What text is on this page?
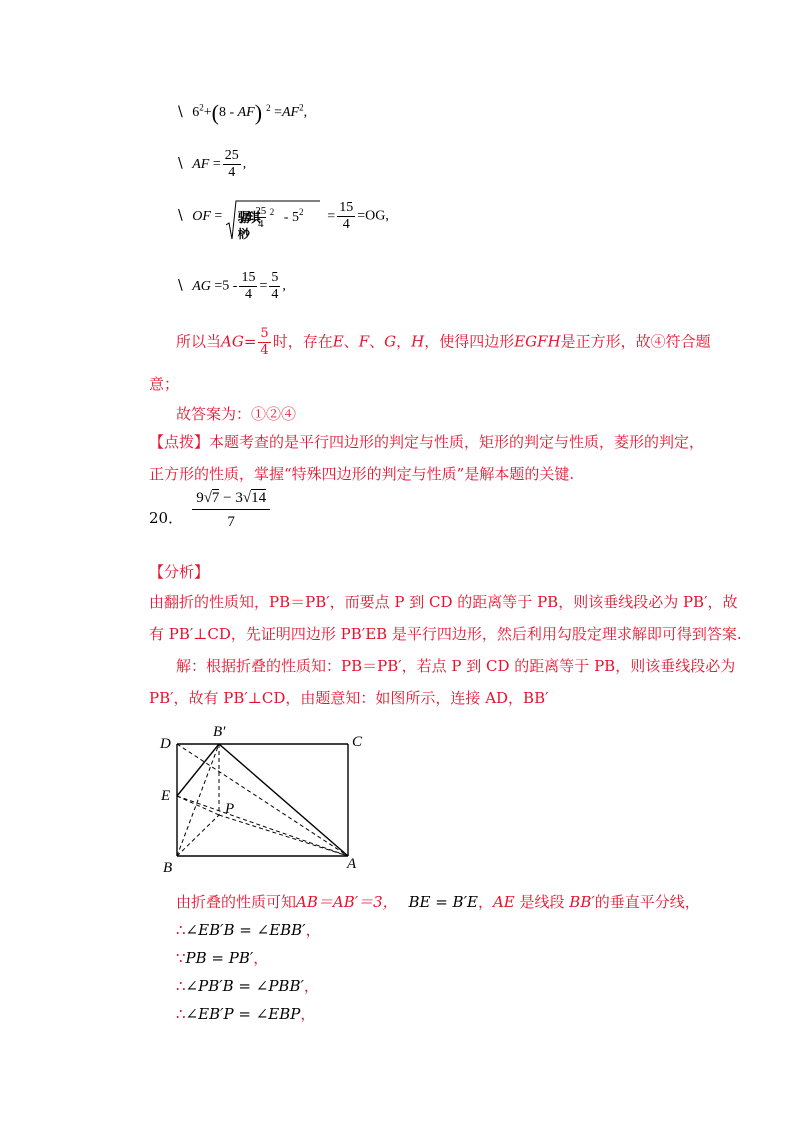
\ $6^2+(8 - AF)$ $^2 =AF^2$,
\ AF = $\frac{25}{4}$ ,
\ OF = 骣琪
$\frac{25}{4} ^2 - 5^2$
桫
= $\frac{15}{4} =OG$,
\ AG $=5 - \frac{15}{4} = \frac{5}{4}$ ,
所以当$AG= \frac{5}{4}$ 时，存在E、F、G，H，使得四边形EGFH是正方形，故④符合题
意；
故答案为：①②④
【点拨】本题考查的是平行四边形的判定与性质，矩形的判定与性质，菱形的判定，
正方形的性质，掌握“特殊四边形的判定与性质”是解本题的关键.
20． $\frac{9√7 - 3√14}{7}$
【分析】
由翻折的性质知，PB＝PB′，而要点 P 到 CD 的距离等于 PB，则该垂线段必为 PB′，故
有 PB′⊥CD，先证明四边形 PB′EB 是平行四边形，然后利用勾股定理求解即可得到答案.
解：根据折叠的性质知：PB＝PB′，若点 P 到 CD 的距离等于 PB，则该垂线段必为
PB′，故有 PB′⊥CD，由题意知：如图所示，连接 AD，BB′
D
B′
C
E
P
B	A
由折叠的性质可知AB＝AB′＝3， BE = B′E，AE 是线段 BB′的垂直平分线，
∴∠EB′B = ∠EBB′，
∵PB = PB′，
∴∠PB′B = ∠PBB′，
∴∠EB′P = ∠EBP，
